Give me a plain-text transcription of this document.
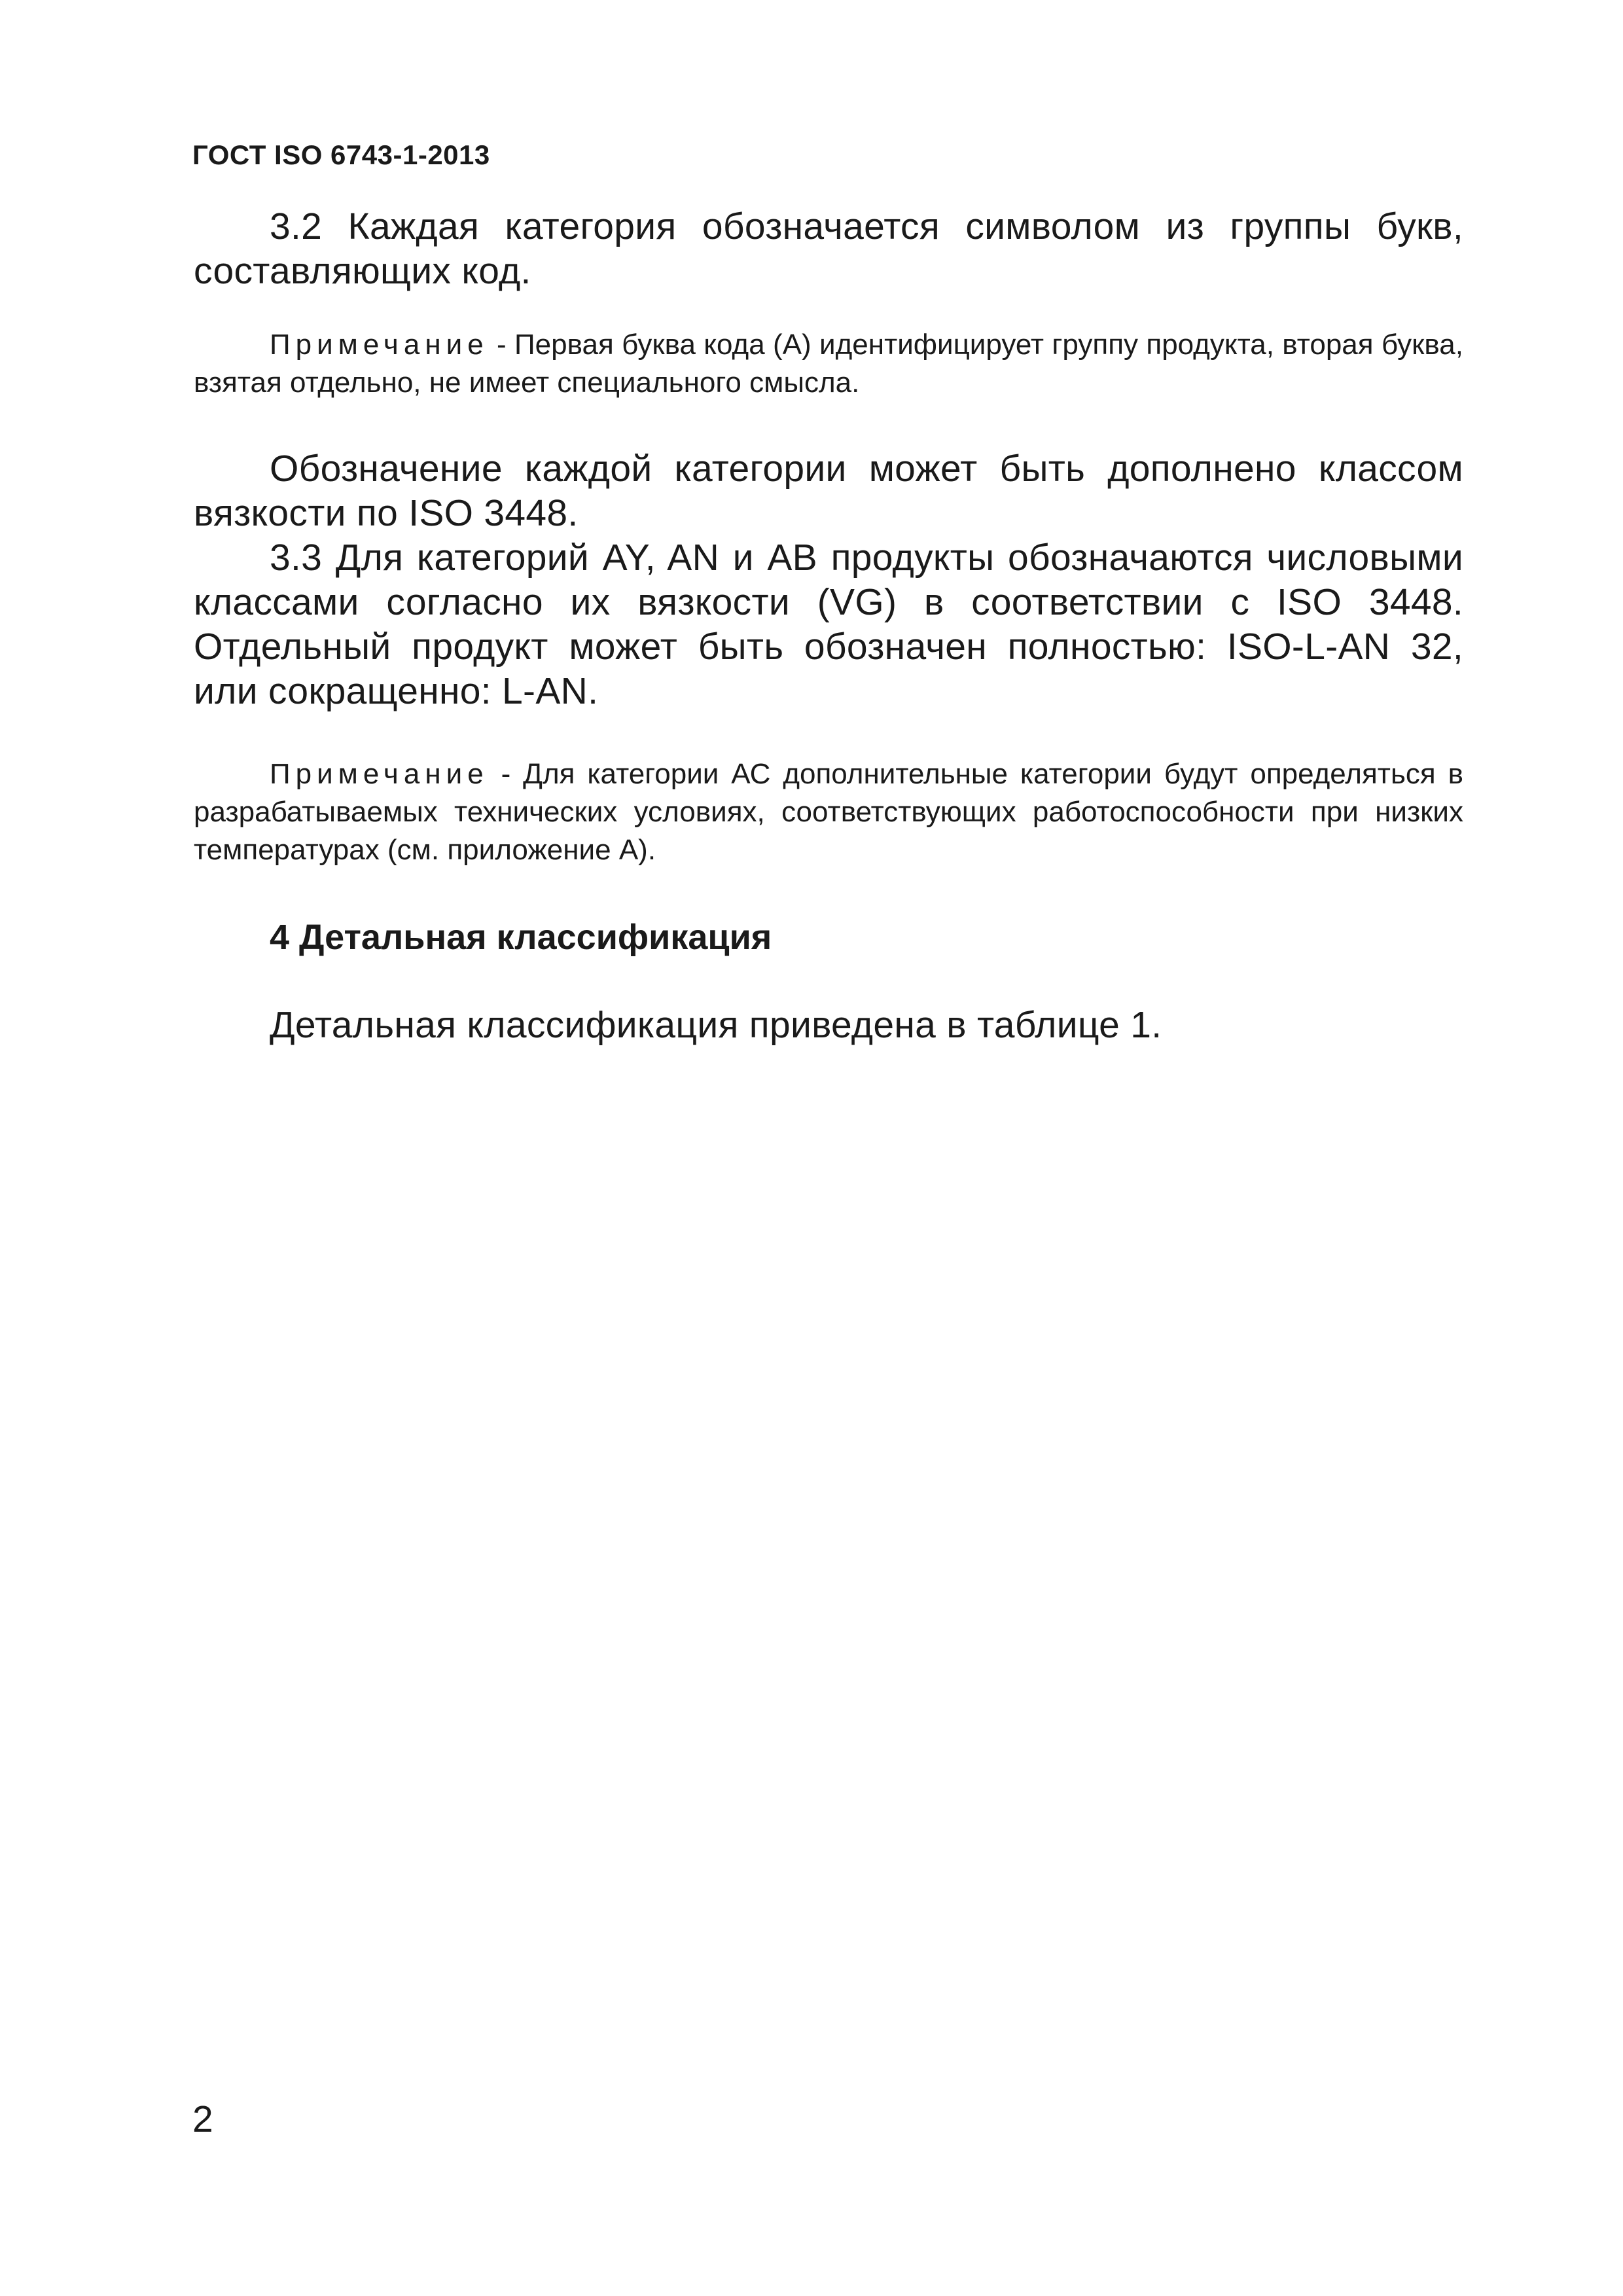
ГОСТ ISO 6743-1-2013

3.2 Каждая категория обозначается символом из группы букв, составляющих код.

Примечание - Первая буква кода (А) идентифицирует группу продукта, вторая буква, взятая отдельно, не имеет специального смысла.

Обозначение каждой категории может быть дополнено классом вязкости по ISO 3448.

3.3 Для категорий AY, AN и AB продукты обозначаются числовыми классами согласно их вязкости (VG) в соответствии с ISO 3448. Отдельный продукт может быть обозначен полностью: ISO-L-AN 32, или сокращенно: L-AN.

Примечание - Для категории АС дополнительные категории будут определяться в разрабатываемых технических условиях, соответствующих работоспособности при низких температурах (см. приложение А).

4 Детальная классификация

Детальная классификация приведена в таблице 1.

2
